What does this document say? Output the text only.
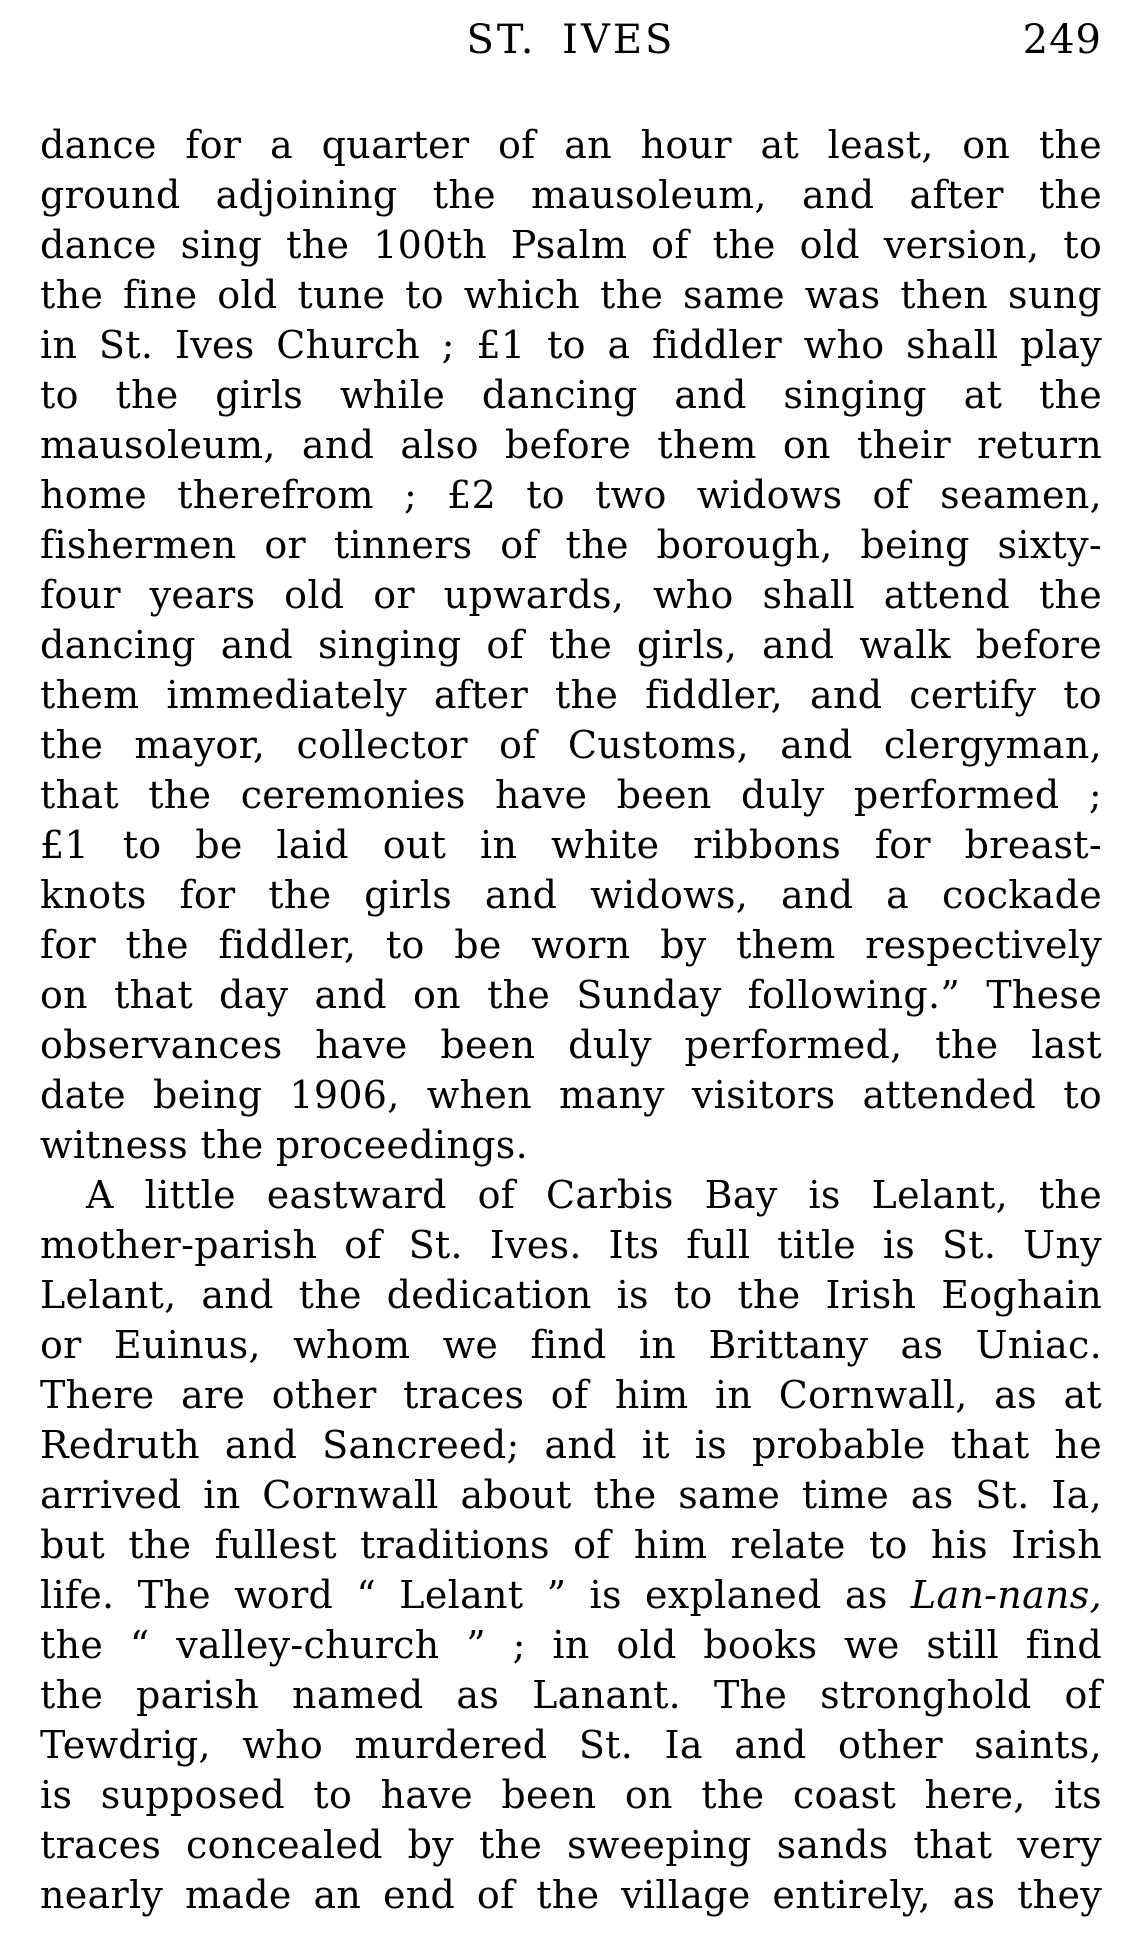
ST. IVES	249
dance for a quarter of an hour at least, on the
ground adjoining the mausoleum, and after the
dance sing the 100th Psalm of the old version, to
the fine old tune to which the same was then sung
in St. Ives Church ; £1 to a fiddler who shall play
to the girls while dancing and singing at the
mausoleum, and also before them on their return
home therefrom ; £2 to two widows of seamen,
fishermen or tinners of the borough, being sixty-
four years old or upwards, who shall attend the
dancing and singing of the girls, and walk before
them immediately after the fiddler, and certify to
the mayor, collector of Customs, and clergyman,
that the ceremonies have been duly performed ;
£1 to be laid out in white ribbons for breast-
knots for the girls and widows, and a cockade
for the fiddler, to be worn by them respectively
on that day and on the Sunday following.” These
observances have been duly performed, the last
date being 1906, when many visitors attended to
witness the proceedings.
A little eastward of Carbis Bay is Lelant, the
mother-parish of St. Ives. Its full title is St. Uny
Lelant, and the dedication is to the Irish Eoghain
or Euinus, whom we find in Brittany as Uniac.
There are other traces of him in Cornwall, as at
Redruth and Sancreed; and it is probable that he
arrived in Cornwall about the same time as St. Ia,
but the fullest traditions of him relate to his Irish
life. The word “ Lelant ” is explaned as Lan-nans,
the “ valley-church ” ; in old books we still find
the parish named as Lanant. The stronghold of
Tewdrig, who murdered St. Ia and other saints,
is supposed to have been on the coast here, its
traces concealed by the sweeping sands that very
nearly made an end of the village entirely, as they
